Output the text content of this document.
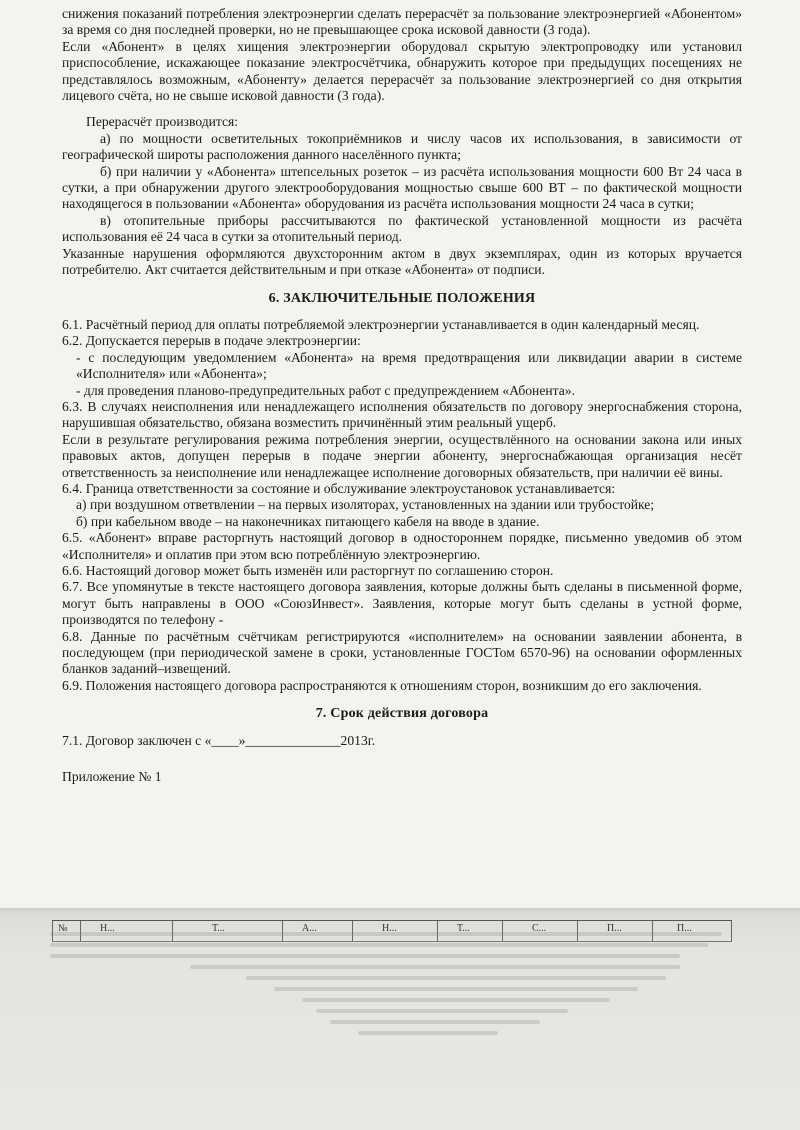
снижения показаний потребления электроэнергии сделать перерасчёт за пользование электроэнергией «Абонентом» за время со дня последней проверки, но не превышающее срока исковой давности (3 года).

Если «Абонент» в целях хищения электроэнергии оборудовал скрытую электропроводку или установил приспособление, искажающее показание электросчётчика, обнаружить которое при предыдущих посещениях не представлялось возможным, «Абоненту» делается перерасчёт за пользование электроэнергией со дня открытия лицевого счёта, но не свыше исковой давности (3 года).

Перерасчёт производится:

а) по мощности осветительных токоприёмников и числу часов их использования, в зависимости от географической широты расположения данного населённого пункта;

б) при наличии у «Абонента» штепсельных розеток – из расчёта использования мощности 600 Вт 24 часа в сутки, а при обнаружении другого электрооборудования мощностью свыше 600 ВТ – по фактической мощности находящегося в пользовании «Абонента» оборудования из расчёта использования мощности 24 часа в сутки;

в) отопительные приборы рассчитываются по фактической установленной мощности из расчёта использования её 24 часа в сутки за отопительный период.

Указанные нарушения оформляются двухсторонним актом в двух экземплярах, один из которых вручается потребителю. Акт считается действительным и при отказе «Абонента» от подписи.

6. ЗАКЛЮЧИТЕЛЬНЫЕ ПОЛОЖЕНИЯ

6.1. Расчётный период для оплаты потребляемой электроэнергии устанавливается в один календарный месяц.

6.2. Допускается перерыв в подаче электроэнергии:

- с последующим уведомлением «Абонента» на время предотвращения или ликвидации аварии в системе «Исполнителя» или «Абонента»;

- для проведения планово-предупредительных работ с предупреждением «Абонента».

6.3. В случаях неисполнения или ненадлежащего исполнения обязательств по договору энергоснабжения сторона, нарушившая обязательство, обязана возместить причинённый этим реальный ущерб.

Если в результате регулирования режима потребления энергии, осуществлённого на основании закона или иных правовых актов, допущен перерыв в подаче энергии абоненту, энергоснабжающая организация несёт ответственность за неисполнение или ненадлежащее исполнение договорных обязательств, при наличии её вины.

6.4. Граница ответственности за состояние и обслуживание электроустановок устанавливается:

а) при воздушном ответвлении – на первых изоляторах, установленных на здании или трубостойке;

б) при кабельном вводе – на наконечниках питающего кабеля на вводе в здание.

6.5. «Абонент» вправе расторгнуть настоящий договор в одностороннем порядке, письменно уведомив об этом «Исполнителя» и оплатив при этом всю потреблённую электроэнергию.

6.6. Настоящий договор может быть изменён или расторгнут по соглашению сторон.

6.7. Все упомянутые в тексте настоящего договора заявления, которые должны быть сделаны в письменной форме, могут быть направлены в ООО «СоюзИнвест». Заявления, которые могут быть сделаны в устной форме, производятся по телефону -

6.8. Данные по расчётным счётчикам регистрируются «исполнителем» на основании заявлении абонента, в последующем (при периодической замене в сроки, установленные ГОСТом 6570-96) на основании оформленных бланков заданий–извещений.

6.9. Положения настоящего договора распространяются к отношениям сторон, возникшим до его заключения.

7. Срок действия договора

7.1. Договор заключен с «____»______________2013г.

Приложение № 1

№	Н...	Т...	А...	Н...	Т...	С...	П...	П...
